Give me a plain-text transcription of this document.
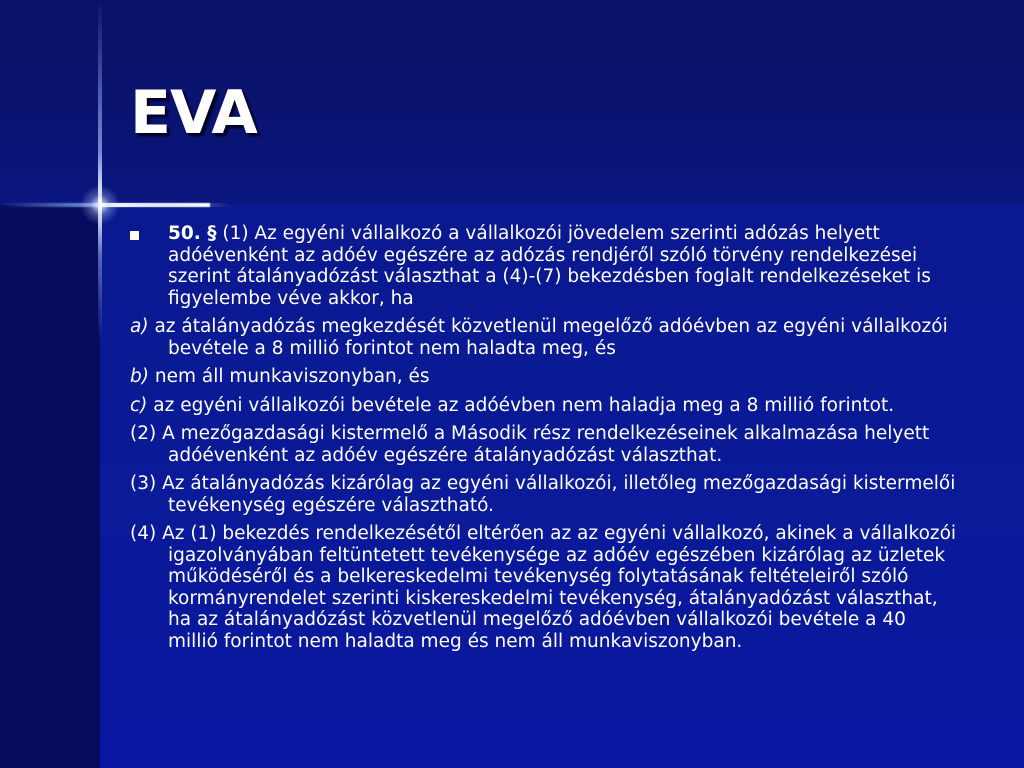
EVA

50. § (1) Az egyéni vállalkozó a vállalkozói jövedelem szerinti adózás helyett adóévenként az adóév egészére az adózás rendjéről szóló törvény rendelkezései szerint átalányadózást választhat a (4)-(7) bekezdésben foglalt rendelkezéseket is figyelembe véve akkor, ha

a) az átalányadózás megkezdését közvetlenül megelőző adóévben az egyéni vállalkozói bevétele a 8 millió forintot nem haladta meg, és

b) nem áll munkaviszonyban, és

c) az egyéni vállalkozói bevétele az adóévben nem haladja meg a 8 millió forintot.

(2) A mezőgazdasági kistermelő a Második rész rendelkezéseinek alkalmazása helyett adóévenként az adóév egészére átalányadózást választhat.

(3) Az átalányadózás kizárólag az egyéni vállalkozói, illetőleg mezőgazdasági kistermelői tevékenység egészére választható.

(4) Az (1) bekezdés rendelkezésétől eltérően az az egyéni vállalkozó, akinek a vállalkozói igazolványában feltüntetett tevékenysége az adóév egészében kizárólag az üzletek működéséről és a belkereskedelmi tevékenység folytatásának feltételeiről szóló kormányrendelet szerinti kiskereskedelmi tevékenység, átalányadózást választhat, ha az átalányadózást közvetlenül megelőző adóévben vállalkozói bevétele a 40 millió forintot nem haladta meg és nem áll munkaviszonyban.
